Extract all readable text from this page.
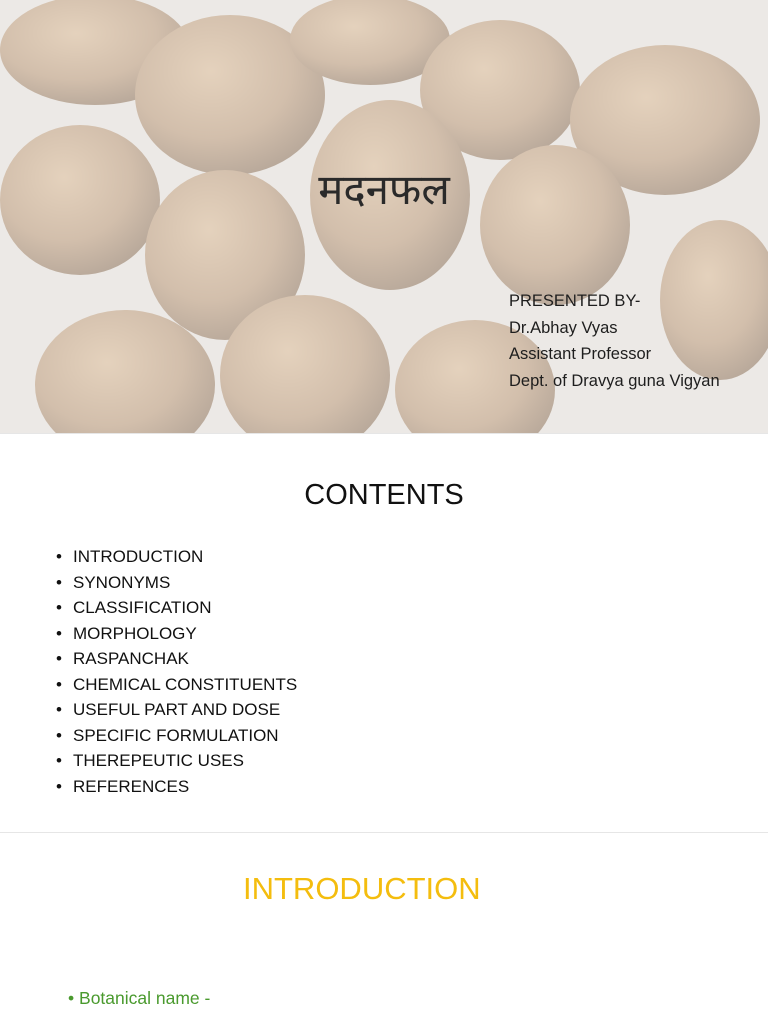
मदनफल
PRESENTED BY-
Dr.Abhay Vyas
Assistant Professor
Dept. of Dravya guna Vigyan
CONTENTS
• INTRODUCTION
• SYNONYMS
• CLASSIFICATION
• MORPHOLOGY
• RASPANCHAK
• CHEMICAL CONSTITUENTS
• USEFUL PART AND DOSE
• SPECIFIC FORMULATION
• THEREPEUTIC USES
• REFERENCES
INTRODUCTION
• Botanical name -
